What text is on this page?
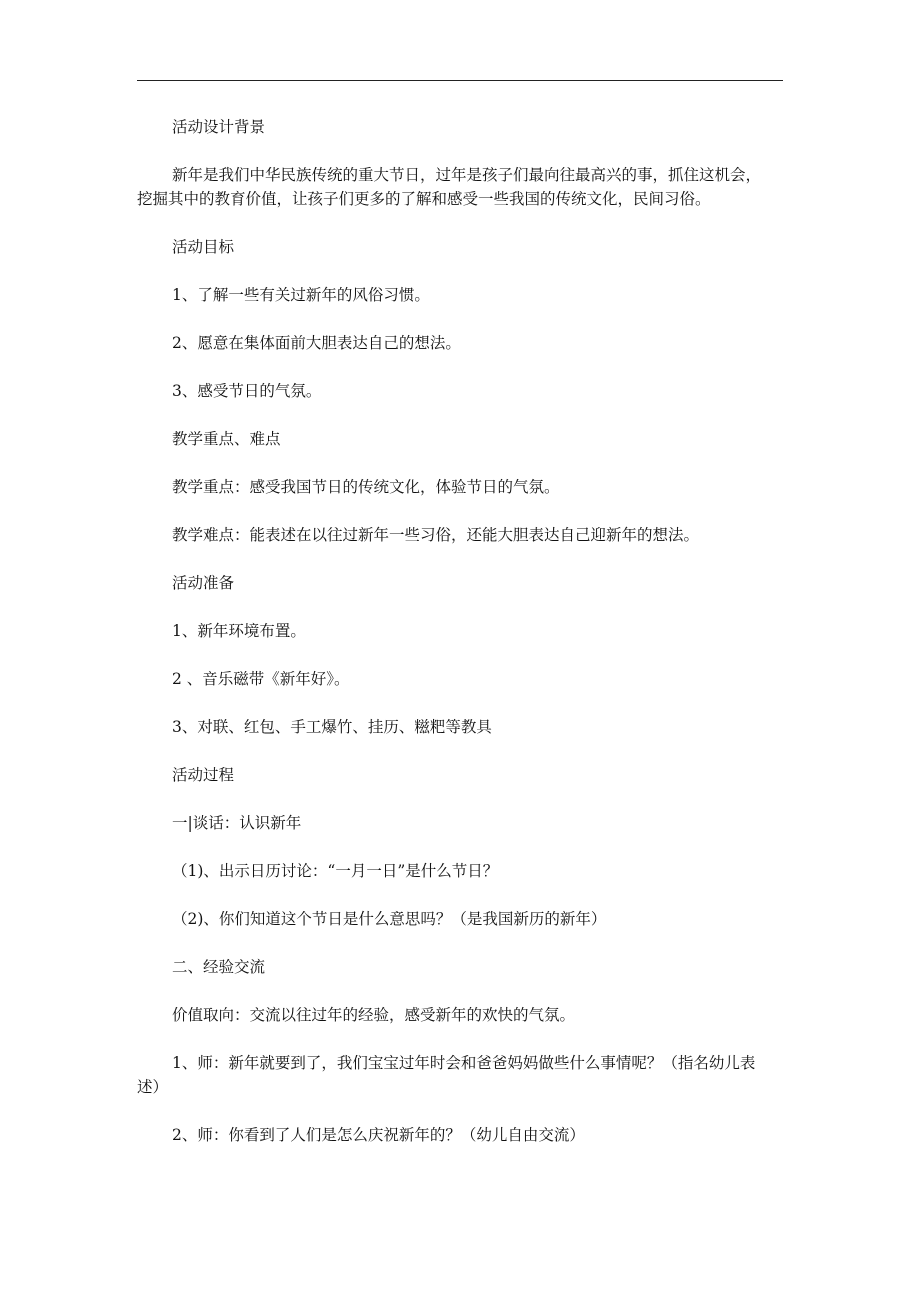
活动设计背景

新年是我们中华民族传统的重大节日，过年是孩子们最向往最高兴的事，抓住这机会，
挖掘其中的教育价值，让孩子们更多的了解和感受一些我国的传统文化，民间习俗。

活动目标

1、了解一些有关过新年的风俗习惯。

2、愿意在集体面前大胆表达自己的想法。

3、感受节日的气氛。

教学重点、难点

教学重点：感受我国节日的传统文化，体验节日的气氛。

教学难点：能表述在以往过新年一些习俗，还能大胆表达自己迎新年的想法。

活动准备

1、新年环境布置。

2 、音乐磁带《新年好》。

3、对联、红包、手工爆竹、挂历、糍粑等教具

活动过程

一|谈话：认识新年

（1)、出示日历讨论：“一月一日”是什么节日？

（2)、你们知道这个节日是什么意思吗？（是我国新历的新年）

二、经验交流

价值取向：交流以往过年的经验，感受新年的欢快的气氛。

1、师：新年就要到了，我们宝宝过年时会和爸爸妈妈做些什么事情呢？（指名幼儿表
述）

2、师：你看到了人们是怎么庆祝新年的？（幼儿自由交流）
